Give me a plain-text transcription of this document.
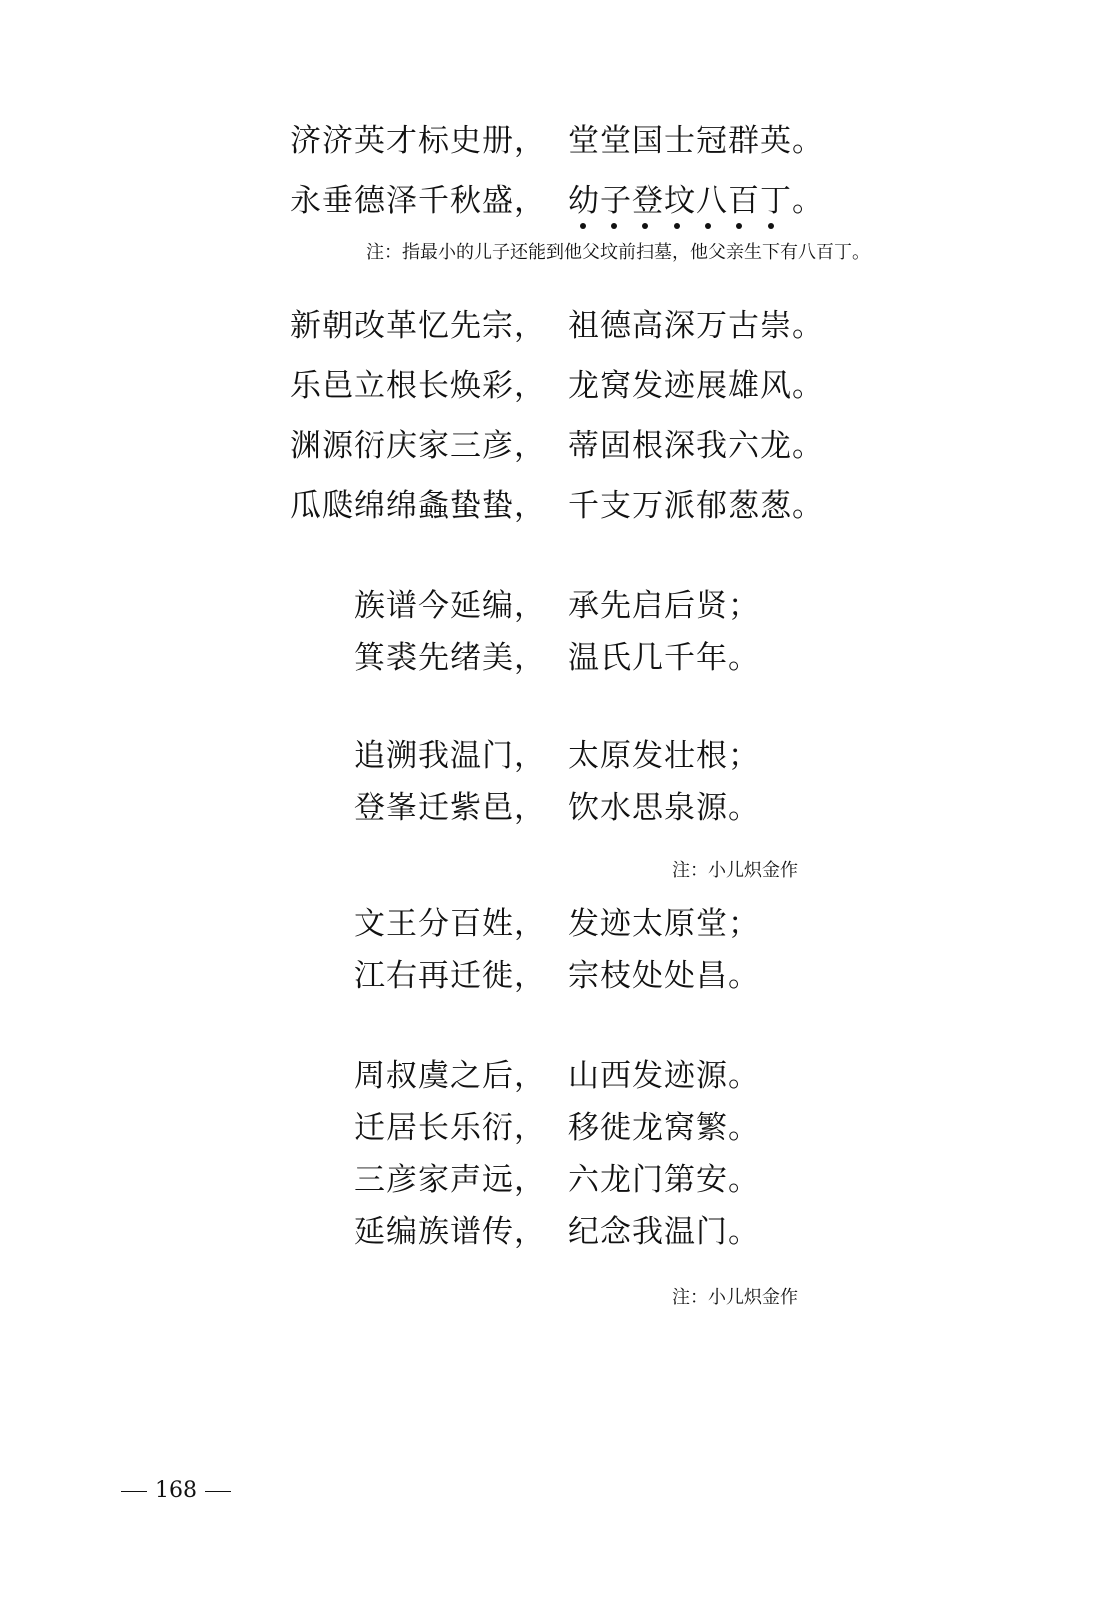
济济英才标史册， 堂堂国士冠群英。
永垂德泽千秋盛， 幼子登坟八百丁。
注：指最小的儿子还能到他父坟前扫墓，他父亲生下有八百丁。
新朝改革忆先宗， 祖德高深万古崇。
乐邑立根长焕彩， 龙窝发迹展雄风。
渊源衍庆家三彦， 蒂固根深我六龙。
瓜瓞绵绵螽蛰蛰， 千支万派郁葱葱。
族谱今延编， 承先启后贤；
箕裘先绪美， 温氏几千年。
追溯我温门， 太原发壮根；
登峯迁紫邑， 饮水思泉源。
注：小儿炽金作
文王分百姓， 发迹太原堂；
江右再迁徙， 宗枝处处昌。
周叔虞之后， 山西发迹源。
迁居长乐衍， 移徙龙窝繁。
三彦家声远， 六龙门第安。
延编族谱传， 纪念我温门。
注：小儿炽金作
168
